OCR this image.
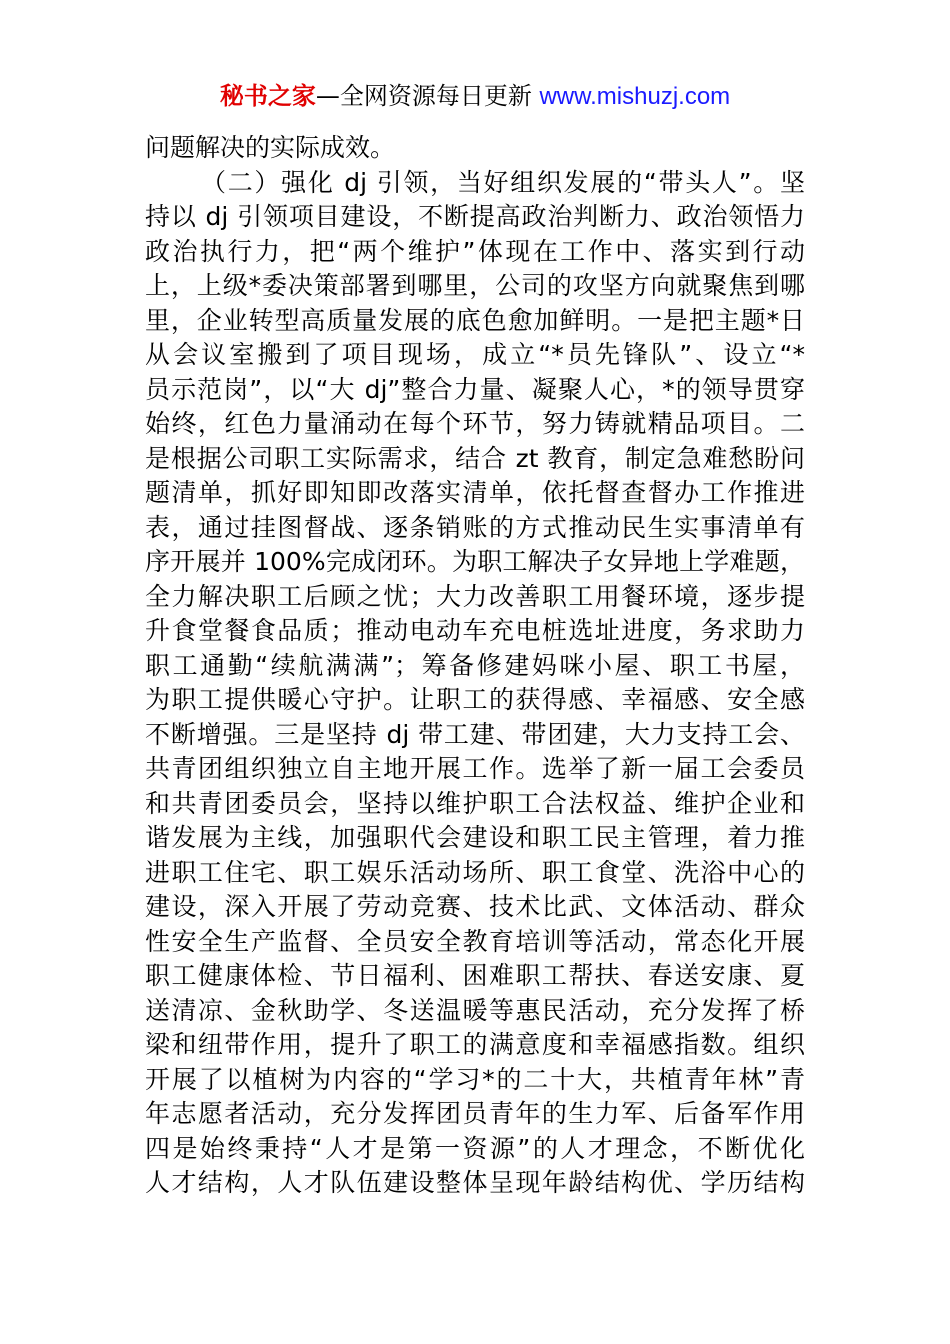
秘书之家—全网资源每日更新 www.mishuzj.com
问题解决的实际成效。
（二）强化 dj 引领，当好组织发展的“带头人”。坚
持以 dj 引领项目建设，不断提高政治判断力、政治领悟力
政治执行力，把“两个维护”体现在工作中、落实到行动
上，上级*委决策部署到哪里，公司的攻坚方向就聚焦到哪
里，企业转型高质量发展的底色愈加鲜明。一是把主题*日
从会议室搬到了项目现场，成立“*员先锋队”、设立“*
员示范岗”，以“大 dj”整合力量、凝聚人心，*的领导贯穿
始终，红色力量涌动在每个环节，努力铸就精品项目。二
是根据公司职工实际需求，结合 zt 教育，制定急难愁盼问
题清单，抓好即知即改落实清单，依托督查督办工作推进
表，通过挂图督战、逐条销账的方式推动民生实事清单有
序开展并 100%完成闭环。为职工解决子女异地上学难题，
全力解决职工后顾之忧；大力改善职工用餐环境，逐步提
升食堂餐食品质；推动电动车充电桩选址进度，务求助力
职工通勤“续航满满”；筹备修建妈咪小屋、职工书屋，
为职工提供暖心守护。让职工的获得感、幸福感、安全感
不断增强。三是坚持 dj 带工建、带团建，大力支持工会、
共青团组织独立自主地开展工作。选举了新一届工会委员
和共青团委员会，坚持以维护职工合法权益、维护企业和
谐发展为主线，加强职代会建设和职工民主管理，着力推
进职工住宅、职工娱乐活动场所、职工食堂、洗浴中心的
建设，深入开展了劳动竞赛、技术比武、文体活动、群众
性安全生产监督、全员安全教育培训等活动，常态化开展
职工健康体检、节日福利、困难职工帮扶、春送安康、夏
送清凉、金秋助学、冬送温暖等惠民活动，充分发挥了桥
梁和纽带作用，提升了职工的满意度和幸福感指数。组织
开展了以植树为内容的“学习*的二十大，共植青年林”青
年志愿者活动，充分发挥团员青年的生力军、后备军作用
四是始终秉持“人才是第一资源”的人才理念，不断优化
人才结构，人才队伍建设整体呈现年龄结构优、学历结构
